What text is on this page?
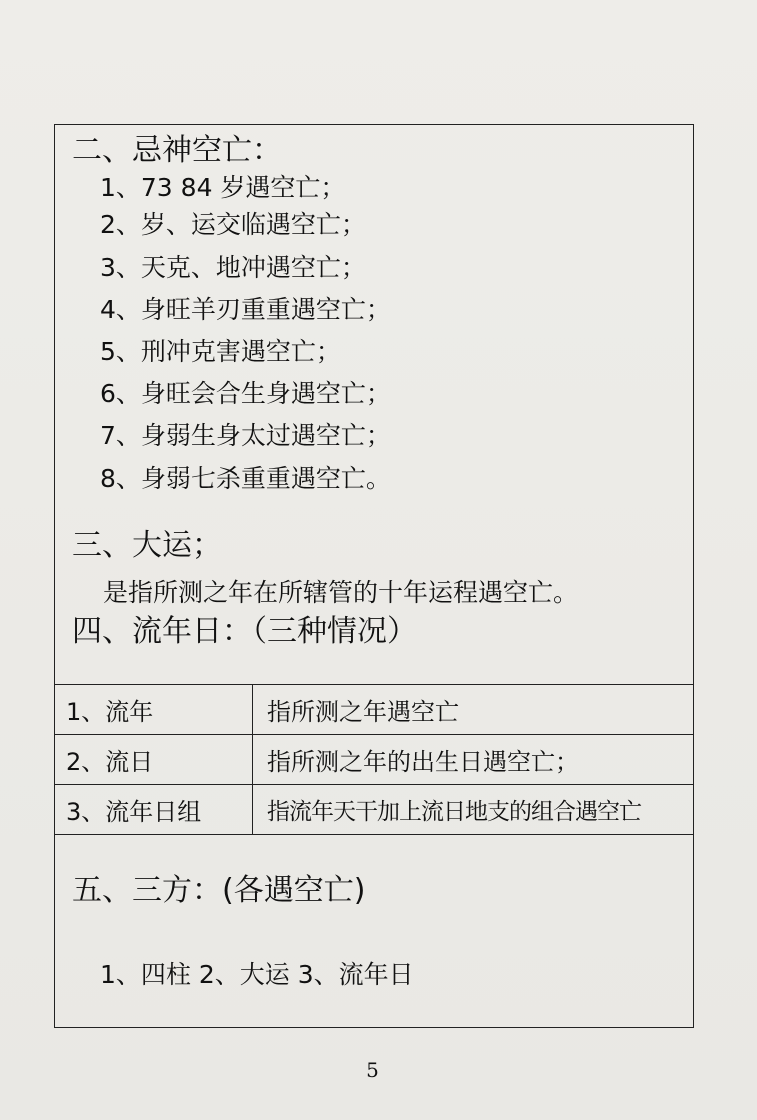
二、忌神空亡：
1、73 84 岁遇空亡；
2、岁、运交临遇空亡；
3、天克、地冲遇空亡；
4、身旺羊刃重重遇空亡；
5、刑冲克害遇空亡；
6、身旺会合生身遇空亡；
7、身弱生身太过遇空亡；
8、身弱七杀重重遇空亡。
三、大运；
是指所测之年在所辖管的十年运程遇空亡。
四、流年日：（三种情况）
1、流年	指所测之年遇空亡
2、流日	指所测之年的出生日遇空亡；
3、流年日组	指流年天干加上流日地支的组合遇空亡
五、三方：(各遇空亡)
1、四柱 2、大运 3、流年日
5
